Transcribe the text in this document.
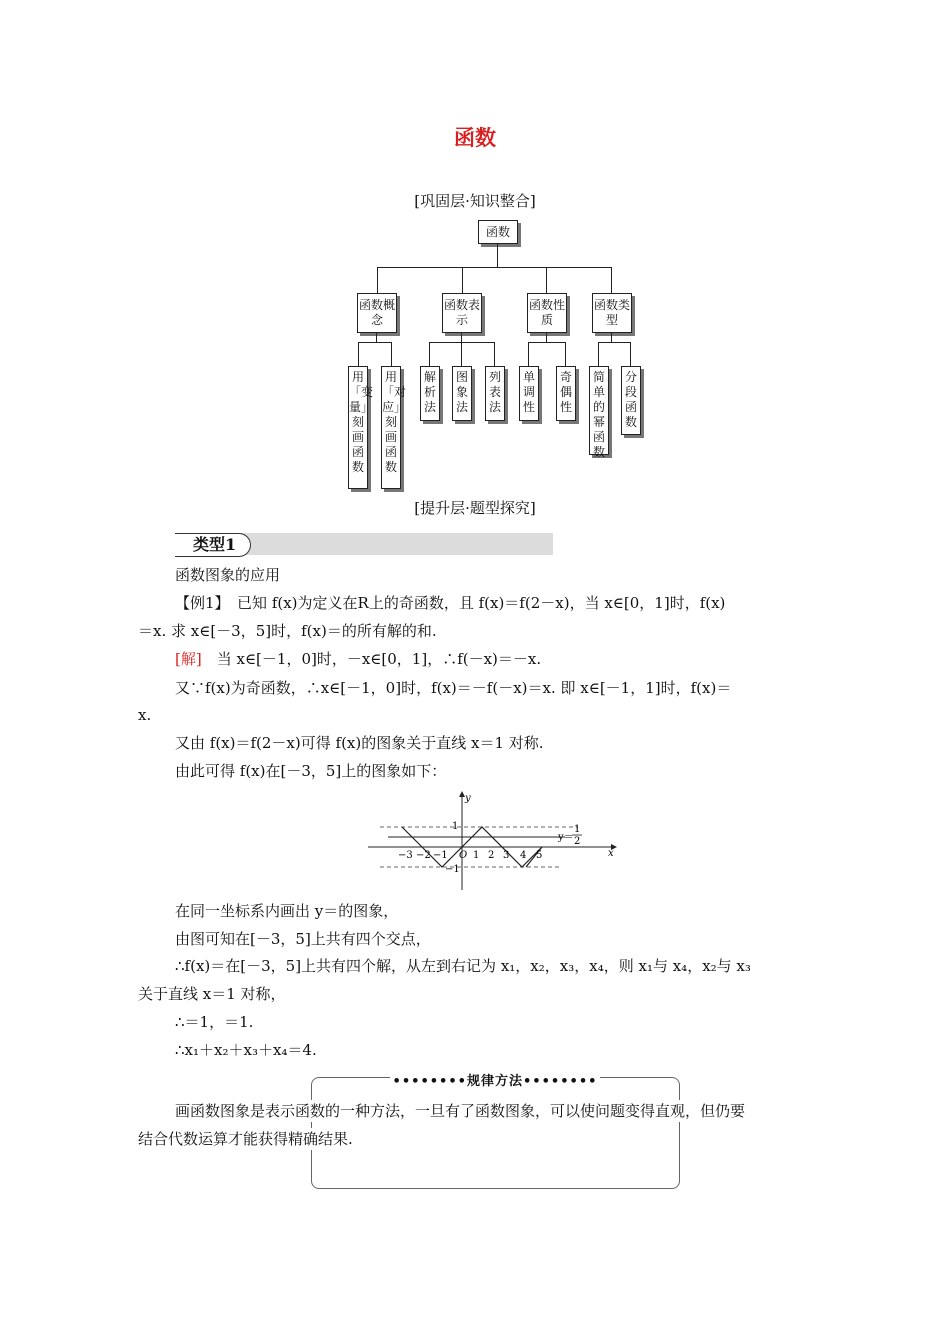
函数
[巩固层·知识整合]
函数
函数概念
函数表示
函数性质
函数类型
用「变量」刻画函数
用「对应」刻画函数
解析法
图象法
列表法
单调性
奇偶性
简单的幂函数
分段函数
[提升层·题型探究]
类型1
函数图象的应用
【例1】　已知 f(x)为定义在R上的奇函数，且 f(x)＝f(2－x)，当 x∈[0，1]时，f(x)
＝x. 求 x∈[－3，5]时，f(x)＝的所有解的和.
[解]　当 x∈[－1，0]时，－x∈[0，1]，∴f(－x)＝－x.
又∵f(x)为奇函数，∴x∈[－1，0]时，f(x)＝－f(－x)＝x. 即 x∈[－1，1]时，f(x)＝
x.
又由 f(x)＝f(2－x)可得 f(x)的图象关于直线 x＝1 对称.
由此可得 f(x)在[－3，5]上的图象如下：
y
x
1
−1
−3 −2 −1 O 1 2 3 4 5
y＝
1
2
在同一坐标系内画出 y＝的图象，
由图可知在[－3，5]上共有四个交点，
∴f(x)＝在[－3，5]上共有四个解，从左到右记为 x₁，x₂，x₃，x₄，则 x₁与 x₄，x₂与 x₃
关于直线 x＝1 对称，
∴＝1，＝1.
∴x₁＋x₂＋x₃＋x₄＝4.
••••••••规律方法••••••••
画函数图象是表示函数的一种方法，一旦有了函数图象，可以使问题变得直观，但仍要
结合代数运算才能获得精确结果.
